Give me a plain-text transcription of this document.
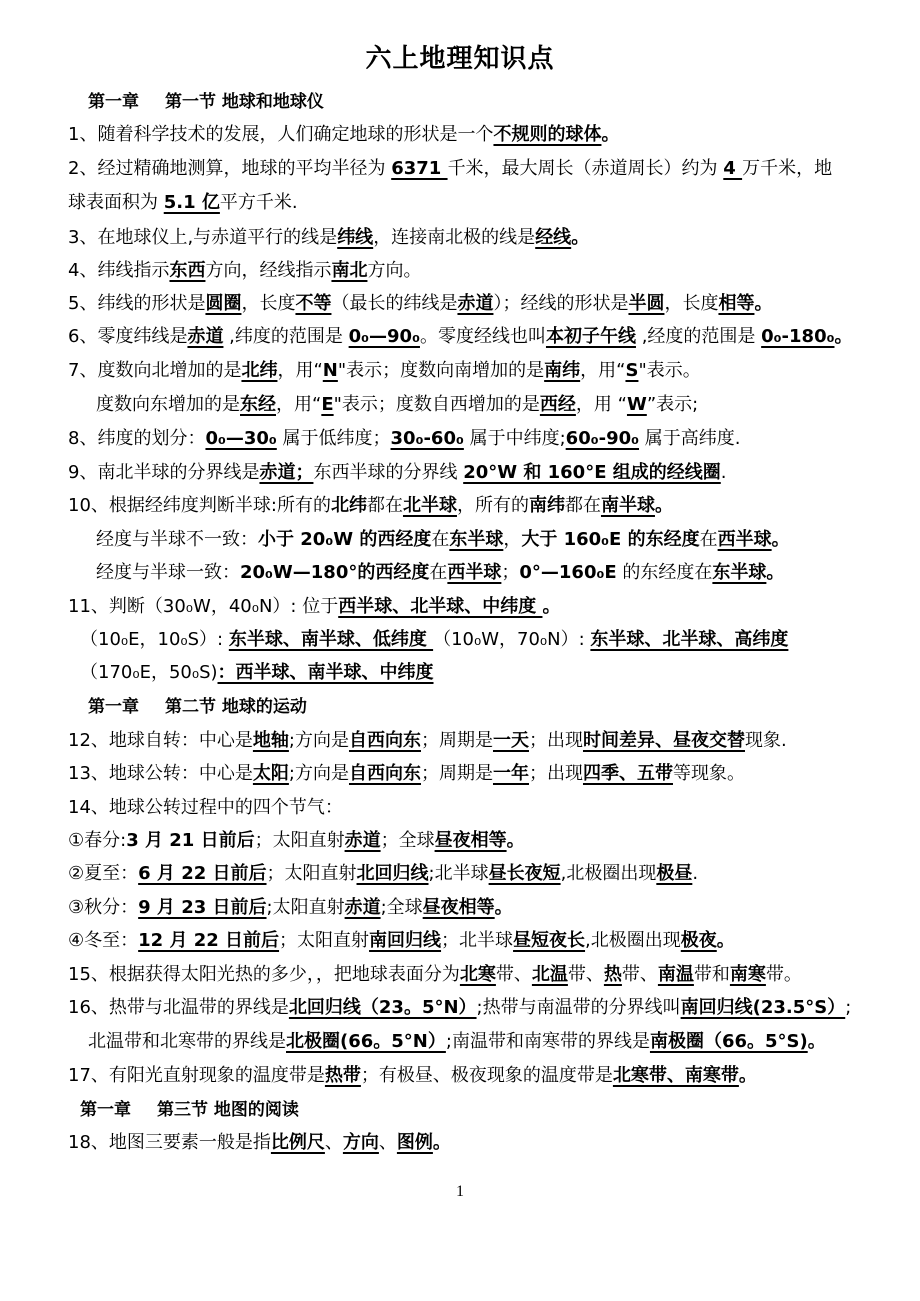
六上地理知识点
第一章 第一节 地球和地球仪
1、随着科学技术的发展，人们确定地球的形状是一个不规则的球体。
2、经过精确地测算，地球的平均半径为 6371 千米，最大周长（赤道周长）约为 4 万千米，地
球表面积为 5.1 亿平方千米.
3、在地球仪上,与赤道平行的线是纬线，连接南北极的线是经线。
4、纬线指示东西方向，经线指示南北方向。
5、纬线的形状是圆圈，长度不等（最长的纬线是赤道）；经线的形状是半圆，长度相等。
6、零度纬线是赤道 ,纬度的范围是 0₀—90₀。零度经线也叫本初子午线 ,经度的范围是 0₀-180₀。
7、度数向北增加的是北纬，用“N"表示；度数向南增加的是南纬，用“S"表示。
度数向东增加的是东经，用“E"表示；度数自西增加的是西经，用 “W”表示;
8、纬度的划分：0₀—30₀ 属于低纬度；30₀-60₀ 属于中纬度;60₀-90₀ 属于高纬度.
9、南北半球的分界线是赤道；东西半球的分界线 20°W 和 160°E 组成的经线圈.
10、根据经纬度判断半球:所有的北纬都在北半球，所有的南纬都在南半球。
经度与半球不一致：小于 20₀W 的西经度在东半球，大于 160₀E 的东经度在西半球。
经度与半球一致：20₀W—180°的西经度在西半球；0°—160₀E 的东经度在东半球。
11、判断（30₀W，40₀N）: 位于西半球、北半球、中纬度 。
（10₀E，10₀S）: 东半球、南半球、低纬度 （10₀W，70₀N）: 东半球、北半球、高纬度
（170₀E，50₀S)：西半球、南半球、中纬度
第一章 第二节 地球的运动
12、地球自转：中心是地轴;方向是自西向东；周期是一天；出现时间差异、昼夜交替现象.
13、地球公转：中心是太阳;方向是自西向东；周期是一年；出现四季、五带等现象。
14、地球公转过程中的四个节气：
①春分:3 月 21 日前后；太阳直射赤道；全球昼夜相等。
②夏至：6 月 22 日前后；太阳直射北回归线;北半球昼长夜短,北极圈出现极昼.
③秋分：9 月 23 日前后;太阳直射赤道;全球昼夜相等。
④冬至：12 月 22 日前后；太阳直射南回归线；北半球昼短夜长,北极圈出现极夜。
15、根据获得太阳光热的多少，，把地球表面分为北寒带、北温带、热带、南温带和南寒带。
16、热带与北温带的界线是北回归线（23。5°N）;热带与南温带的分界线叫南回归线(23.5°S）;
北温带和北寒带的界线是北极圈(66。5°N）;南温带和南寒带的界线是南极圈（66。5°S)。
17、有阳光直射现象的温度带是热带；有极昼、极夜现象的温度带是北寒带、南寒带。
第一章 第三节 地图的阅读
18、地图三要素一般是指比例尺、方向、图例。
1
